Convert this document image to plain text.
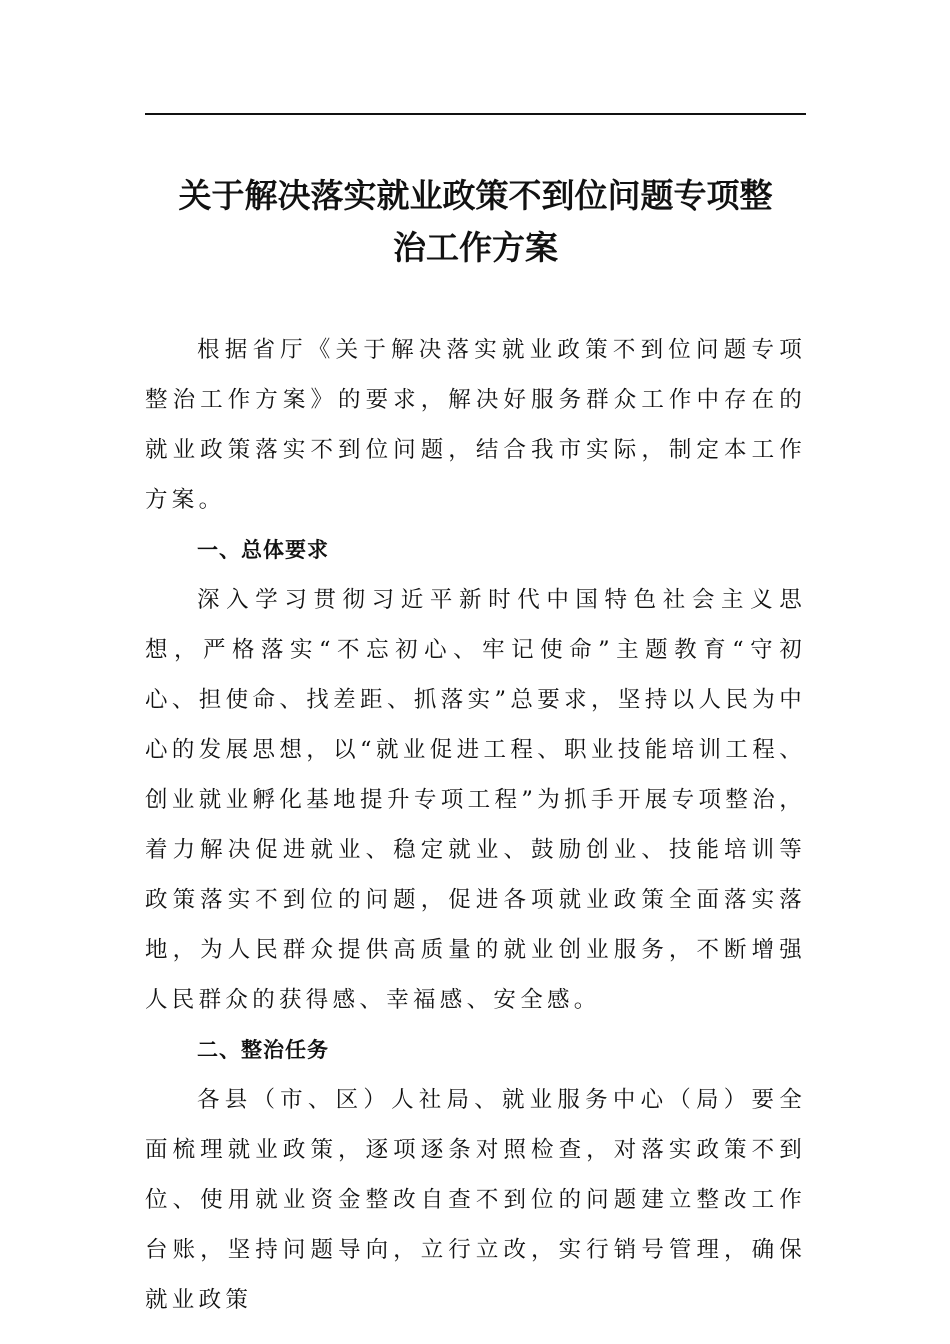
关于解决落实就业政策不到位问题专项整
治工作方案

根据省厅《关于解决落实就业政策不到位问题专项整治工作方案》的要求，解决好服务群众工作中存在的就业政策落实不到位问题，结合我市实际，制定本工作方案。

一、总体要求

深入学习贯彻习近平新时代中国特色社会主义思想，严格落实“不忘初心、牢记使命”主题教育“守初心、担使命、找差距、抓落实”总要求，坚持以人民为中心的发展思想，以“就业促进工程、职业技能培训工程、创业就业孵化基地提升专项工程”为抓手开展专项整治，着力解决促进就业、稳定就业、鼓励创业、技能培训等政策落实不到位的问题，促进各项就业政策全面落实落地，为人民群众提供高质量的就业创业服务，不断增强人民群众的获得感、幸福感、安全感。

二、整治任务

各县（市、区）人社局、就业服务中心（局）要全面梳理就业政策，逐项逐条对照检查，对落实政策不到位、使用就业资金整改自查不到位的问题建立整改工作台账，坚持问题导向，立行立改，实行销号管理，确保就业政策
